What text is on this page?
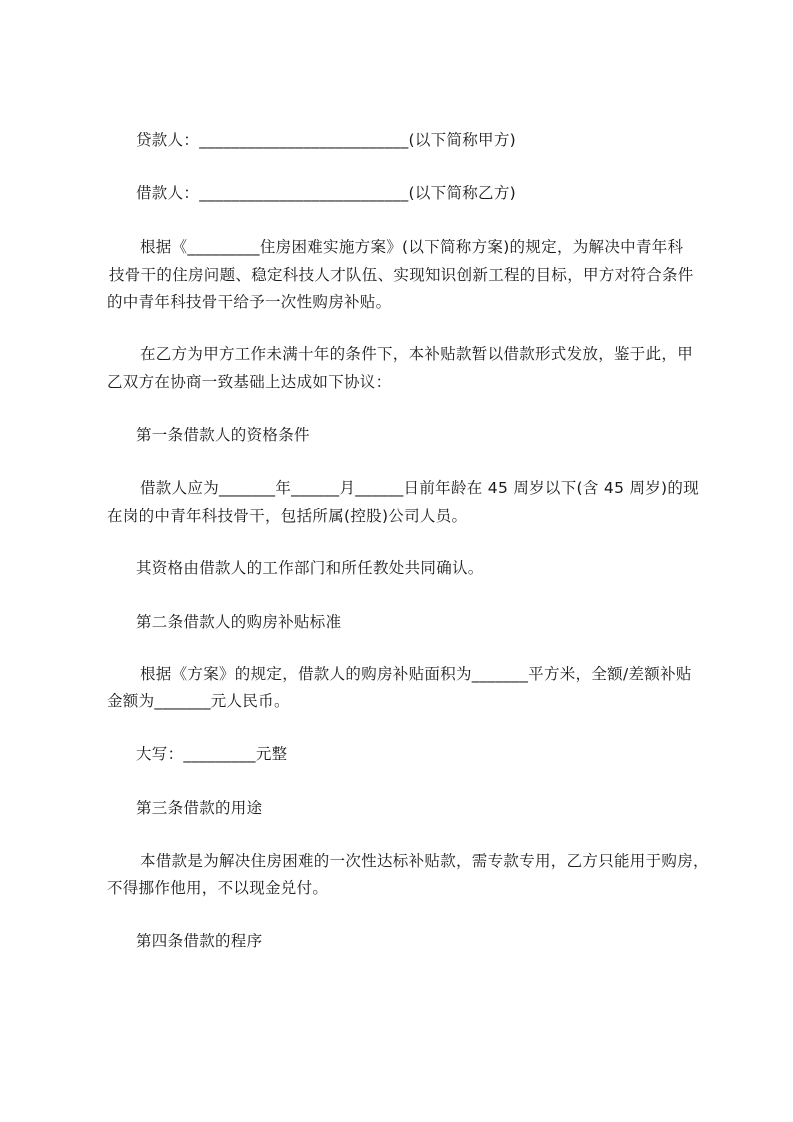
贷款人：__________________________(以下简称甲方)
借款人：__________________________(以下简称乙方)
根据《_________住房困难实施方案》(以下简称方案)的规定，为解决中青年科
技骨干的住房问题、稳定科技人才队伍、实现知识创新工程的目标，甲方对符合条件
的中青年科技骨干给予一次性购房补贴。
在乙方为甲方工作未满十年的条件下，本补贴款暂以借款形式发放，鉴于此，甲
乙双方在协商一致基础上达成如下协议：
第一条借款人的资格条件
借款人应为_______年______月______日前年龄在 45 周岁以下(含 45 周岁)的现
在岗的中青年科技骨干，包括所属(控股)公司人员。
其资格由借款人的工作部门和所任教处共同确认。
第二条借款人的购房补贴标准
根据《方案》的规定，借款人的购房补贴面积为_______平方米，全额/差额补贴
金额为_______元人民币。
大写：_________元整
第三条借款的用途
本借款是为解决住房困难的一次性达标补贴款，需专款专用，乙方只能用于购房，
不得挪作他用，不以现金兑付。
第四条借款的程序
